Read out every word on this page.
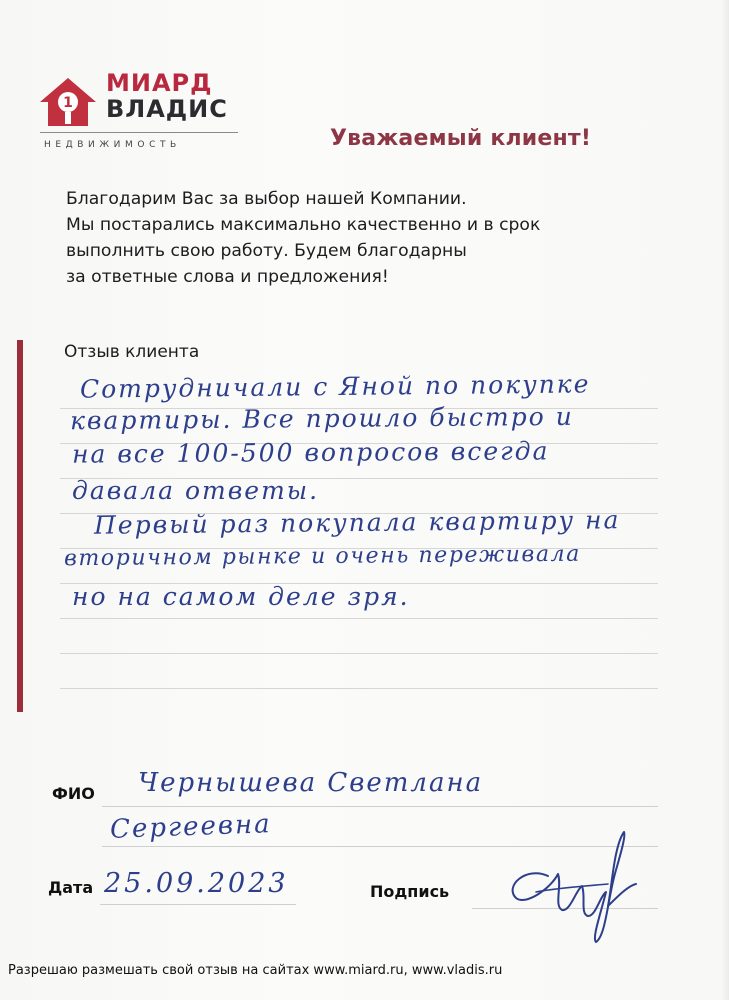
1
МИАРД
ВЛАДИС
НЕДВИЖИМОСТЬ	Уважаемый клиент!
Благодарим Вас за выбор нашей Компании.
Мы постарались максимально качественно и в срок
выполнить свою работу. Будем благодарны
за ответные слова и предложения!
Отзыв клиента
Сотрудничали с Яной по покупке
квартиры. Все прошло быстро и
на все 100-500 вопросов всегда
давала ответы.
Первый раз покупала квартиру на
вторичном рынке и очень переживала
но на самом деле зря.
ФИО Чернышева Светлана
Сергеевна
Дата 25.09.2023	Подпись
Разрешаю размешать свой отзыв на сайтах www.miard.ru, www.vladis.ru
